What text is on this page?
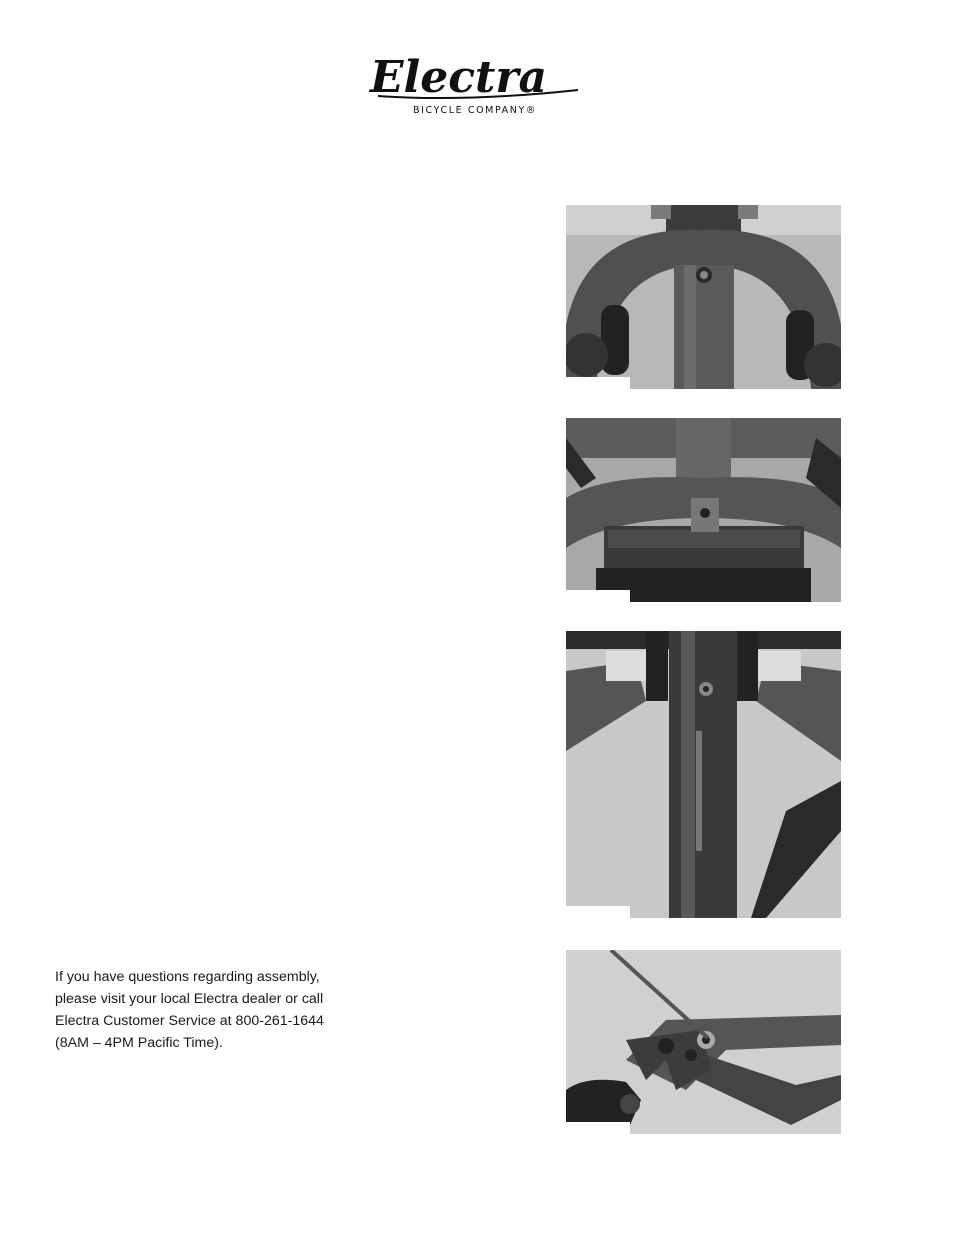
Electra
BICYCLE COMPANY®

If you have questions regarding assembly,

please visit your local Electra dealer or call

Electra Customer Service at 800-261-1644

(8AM – 4PM Pacific Time).
